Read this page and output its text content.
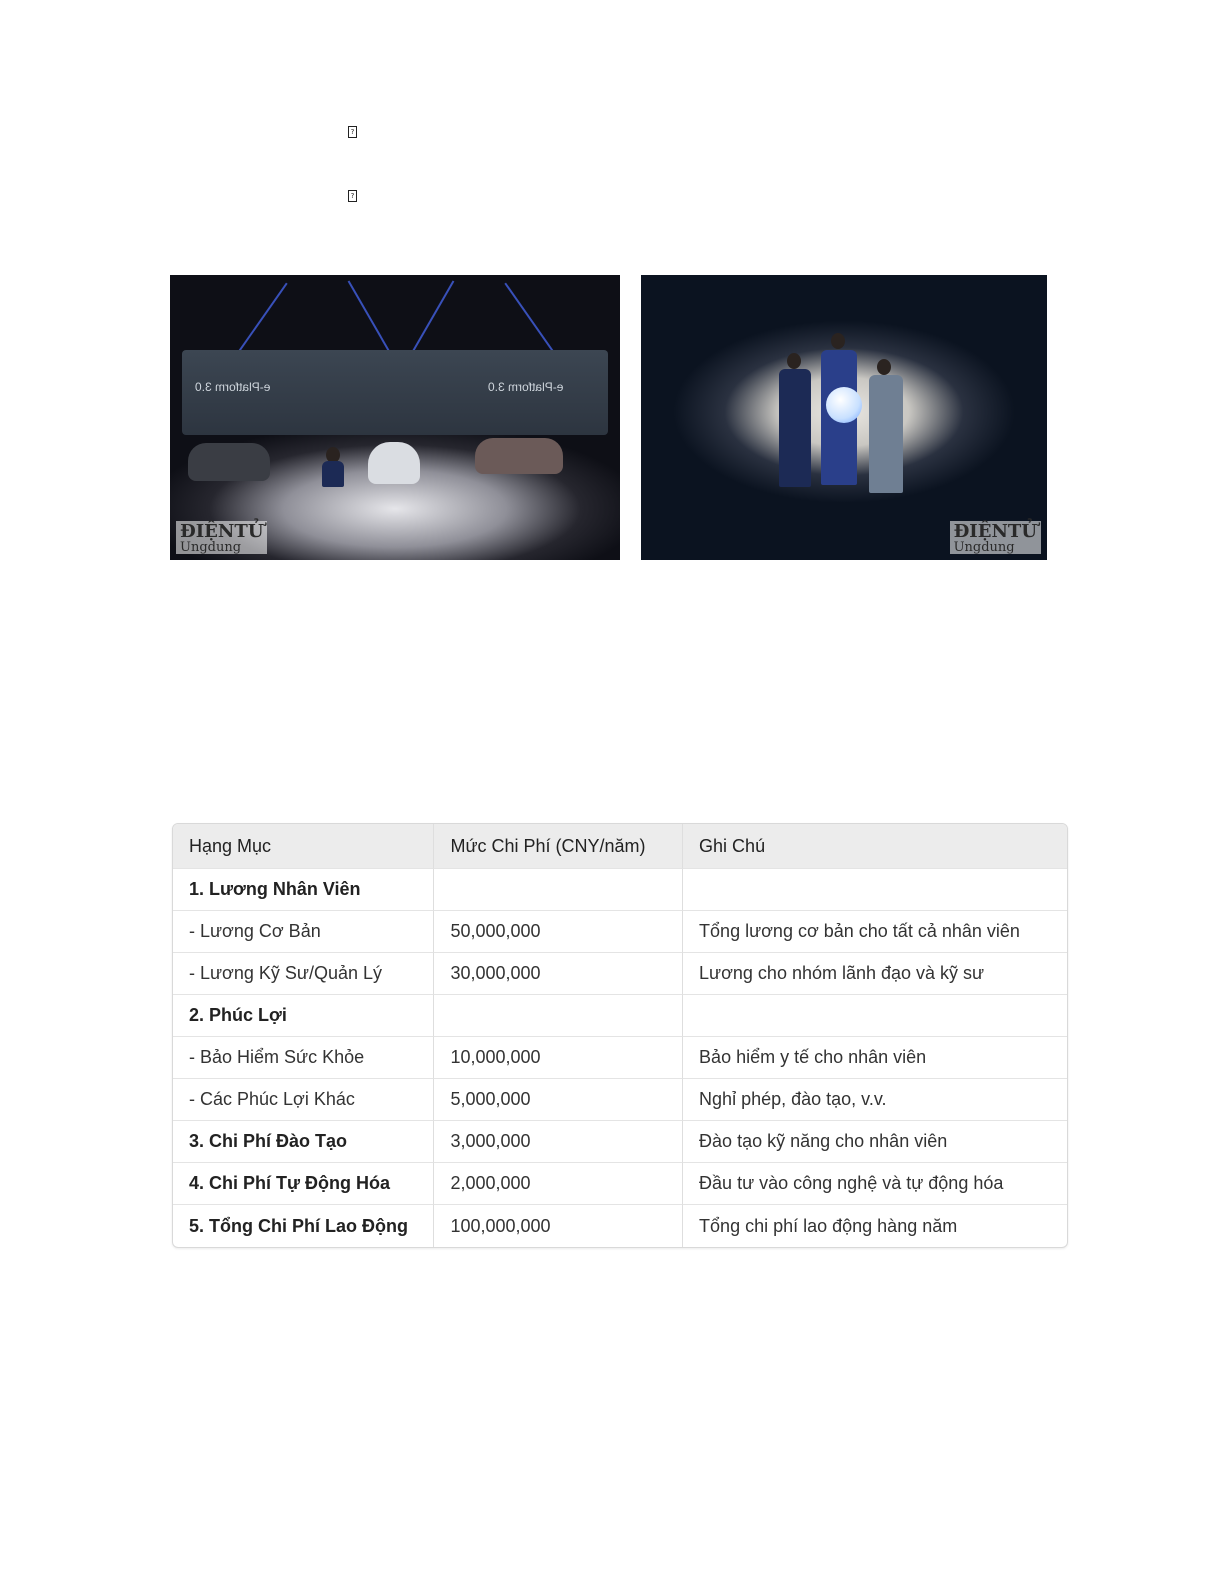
?
?
e-Platform 3.0	e-Platform 3.0
ĐIỆNTỬ
Ungdung
ĐIỆNTỬ
Ungdung
Hạng Mục	Mức Chi Phí (CNY/năm)	Ghi Chú
1. Lương Nhân Viên		
- Lương Cơ Bản	50,000,000	Tổng lương cơ bản cho tất cả nhân viên
- Lương Kỹ Sư/Quản Lý	30,000,000	Lương cho nhóm lãnh đạo và kỹ sư
2. Phúc Lợi		
- Bảo Hiểm Sức Khỏe	10,000,000	Bảo hiểm y tế cho nhân viên
- Các Phúc Lợi Khác	5,000,000	Nghỉ phép, đào tạo, v.v.
3. Chi Phí Đào Tạo	3,000,000	Đào tạo kỹ năng cho nhân viên
4. Chi Phí Tự Động Hóa	2,000,000	Đầu tư vào công nghệ và tự động hóa
5. Tổng Chi Phí Lao Động	100,000,000	Tổng chi phí lao động hàng năm
